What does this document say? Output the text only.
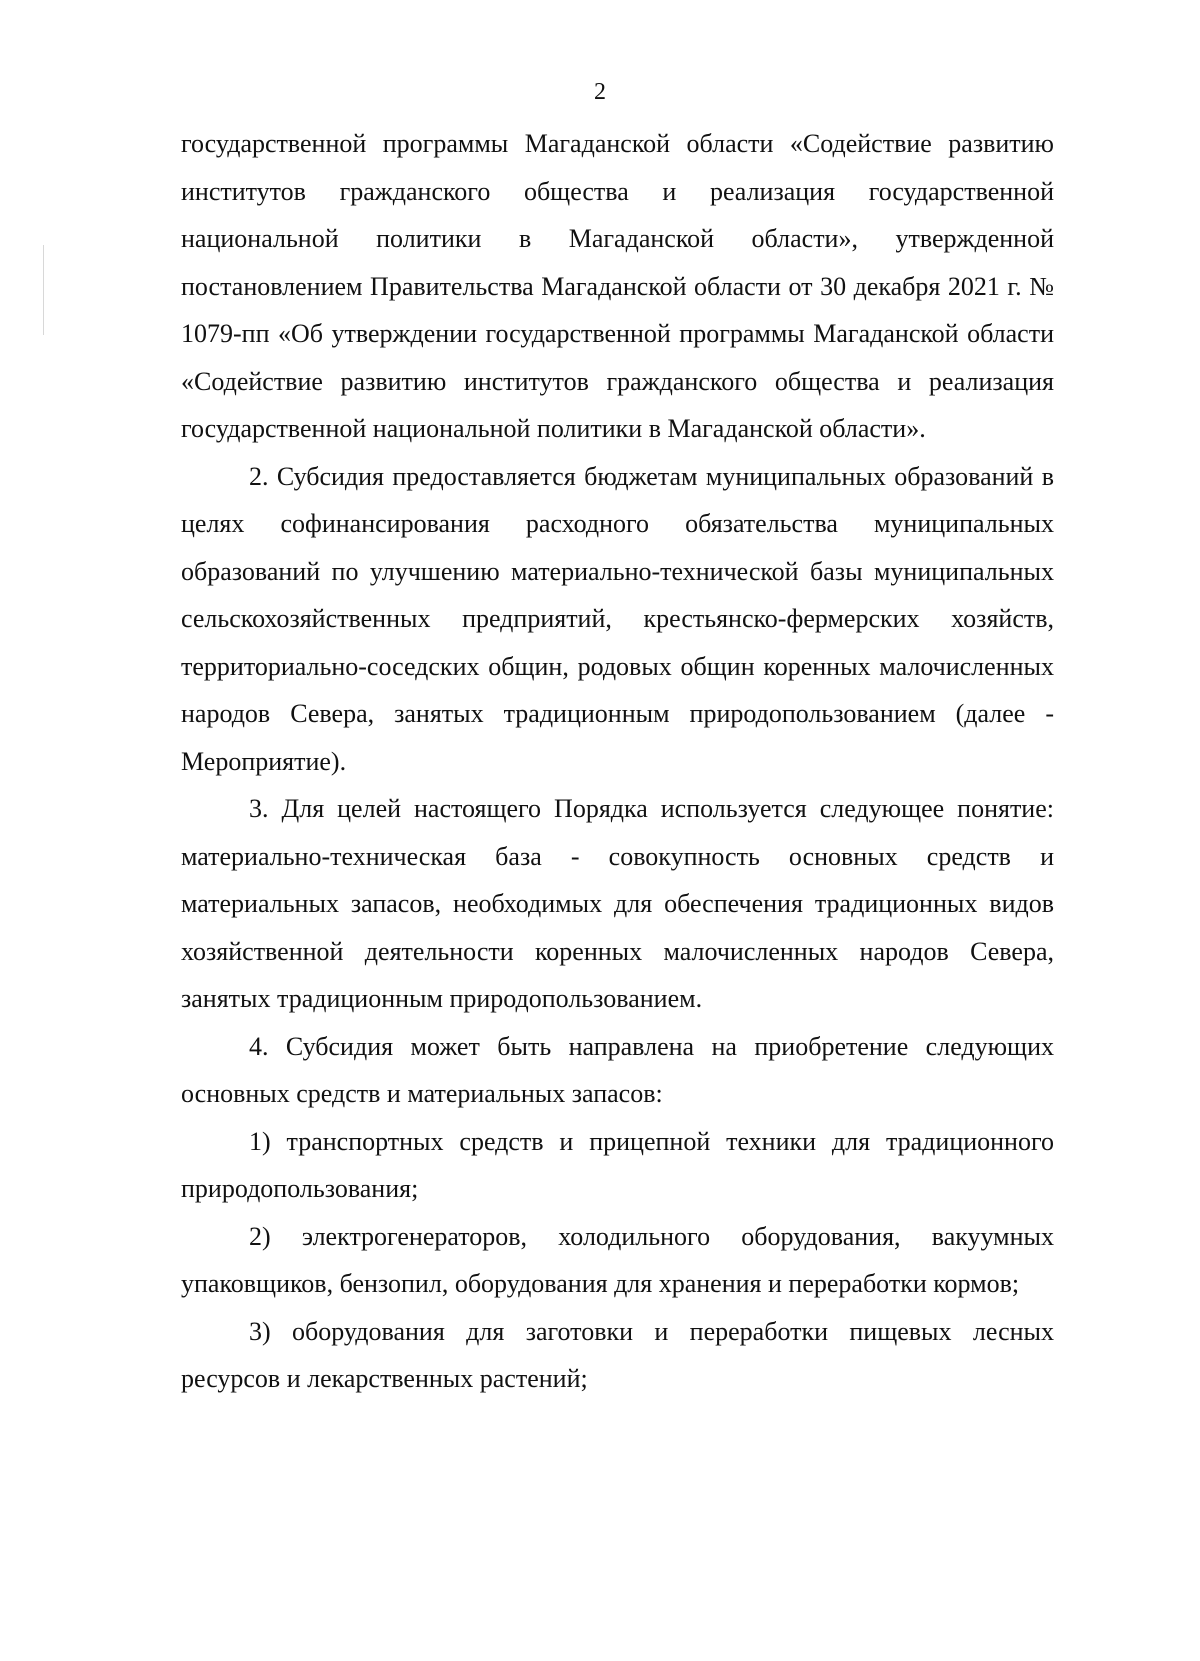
2

государственной программы Магаданской области «Содействие развитию институтов гражданского общества и реализация государственной национальной политики в Магаданской области», утвержденной постановлением Правительства Магаданской области от 30 декабря 2021 г. № 1079-пп «Об утверждении государственной программы Магаданской области «Содействие развитию институтов гражданского общества и реализация государственной национальной политики в Магаданской области».

2. Субсидия предоставляется бюджетам муниципальных образований в целях софинансирования расходного обязательства муниципальных образований по улучшению материально-технической базы муниципальных сельскохозяйственных предприятий, крестьянско-фермерских хозяйств, территориально-соседских общин, родовых общин коренных малочисленных народов Севера, занятых традиционным природопользованием (далее - Мероприятие).

3. Для целей настоящего Порядка используется следующее понятие: материально-техническая база - совокупность основных средств и материальных запасов, необходимых для обеспечения традиционных видов хозяйственной деятельности коренных малочисленных народов Севера, занятых традиционным природопользованием.

4. Субсидия может быть направлена на приобретение следующих основных средств и материальных запасов:

1) транспортных средств и прицепной техники для традиционного природопользования;

2) электрогенераторов, холодильного оборудования, вакуумных упаковщиков, бензопил, оборудования для хранения и переработки кормов;

3) оборудования для заготовки и переработки пищевых лесных ресурсов и лекарственных растений;
